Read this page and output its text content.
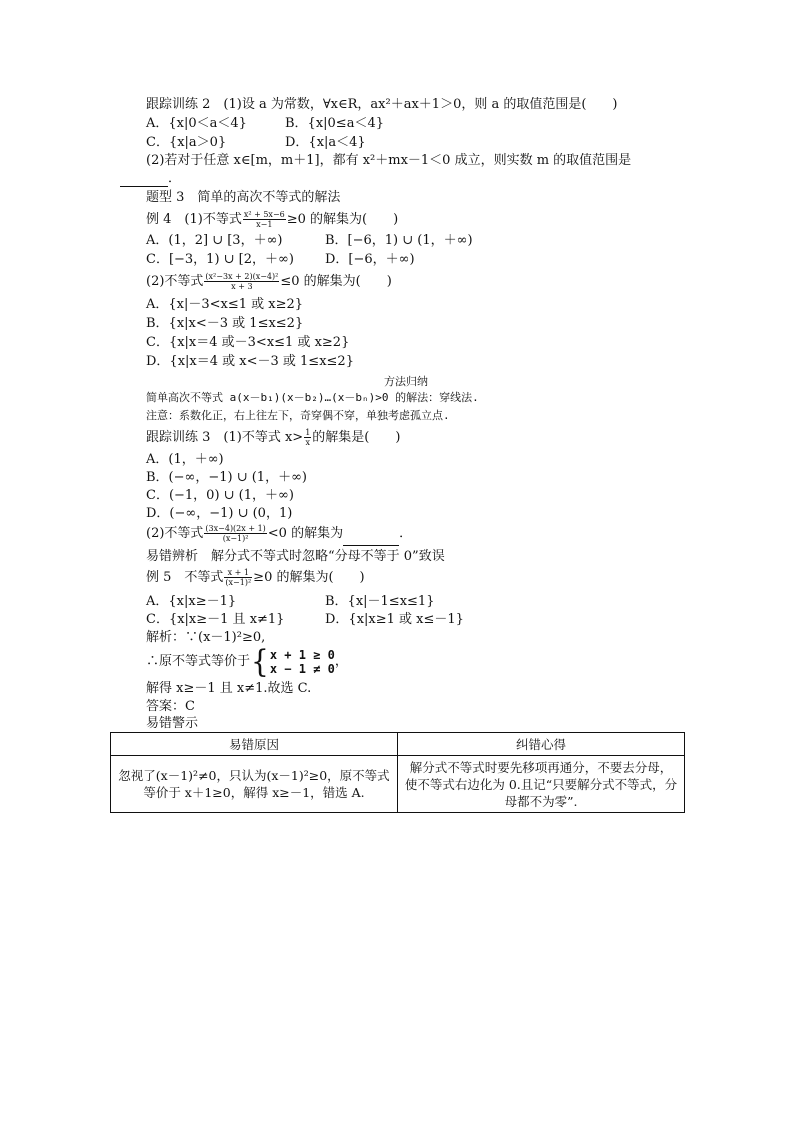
跟踪训练 2　(1)设 a 为常数，∀x∈R，ax²＋ax＋1＞0，则 a 的取值范围是(　　)
A．{x|0＜a＜4}	B．{x|0≤a＜4}
C．{x|a＞0}	D．{x|a＜4}
(2)若对于任意 x∈[m，m＋1]，都有 x²＋mx－1＜0 成立，则实数 m 的取值范围是
．
题型 3　简单的高次不等式的解法
例 4　(1)不等式 $\frac{\text{x² + 5x−6}}{x-1} \ge 0$ 的解集为(　　)
A．(1，2] ∪ [3，＋∞)	B．[−6，1) ∪ (1，＋∞)
C．[−3，1) ∪ [2，＋∞) D．[−6，＋∞)
(2)不等式 $\frac{\text{(x²−3x + 2)(x−4)²}}{x + 3} \le 0$ 的解集为(　　)
A．{x|－3<x≤1 或 x≥2}
B．{x|x<－3 或 1≤x≤2}
C．{x|x＝4 或－3<x≤1 或 x≥2}
D．{x|x＝4 或 x<－3 或 1≤x≤2}
方法归纳
简单高次不等式 a(x－b₁)(x－b₂)…(x－bₙ)>0 的解法：穿线法.
注意：系数化正，右上往左下，奇穿偶不穿，单独考虑孤立点.
跟踪训练 3　(1)不等式 $x> \frac{1}{x}$ 的解集是(　　)
A．(1，＋∞)
B．(−∞，−1) ∪ (1，＋∞)
C．(−1，0) ∪ (1，＋∞)
D．(−∞，−1) ∪ (0，1)
(2)不等式 $\frac{(3x-4)(2x + 1)}{\text{(x−1)²}} <0$ 的解集为	．
易错辨析　解分式不等式时忽略“分母不等于 0”致误
例 5　不等式 $\frac{x + 1}{\text{(x−1)²}} \ge 0$ 的解集为(　　)
A．{x|x≥－1}	B．{x|－1≤x≤1}
C．{x|x≥－1 且 x≠1}	D．{x|x≥1 或 x≤－1}
解析：∵(x－1)²≥0,
∴原不等式等价于{ x + 1 ≥ 0
x − 1 ≠ 0 ，
解得 x≥－1 且 x≠1.故选 C.
答案：C
易错警示
易错原因	纠错心得
忽视了(x－1)²≠0，只认为(x－1)²≥0，原不等式等价于 x＋1≥0，解得 x≥－1，错选 A.	解分式不等式时要先移项再通分，不要去分母，使不等式右边化为 0.且记“只要解分式不等式，分母都不为零”.
